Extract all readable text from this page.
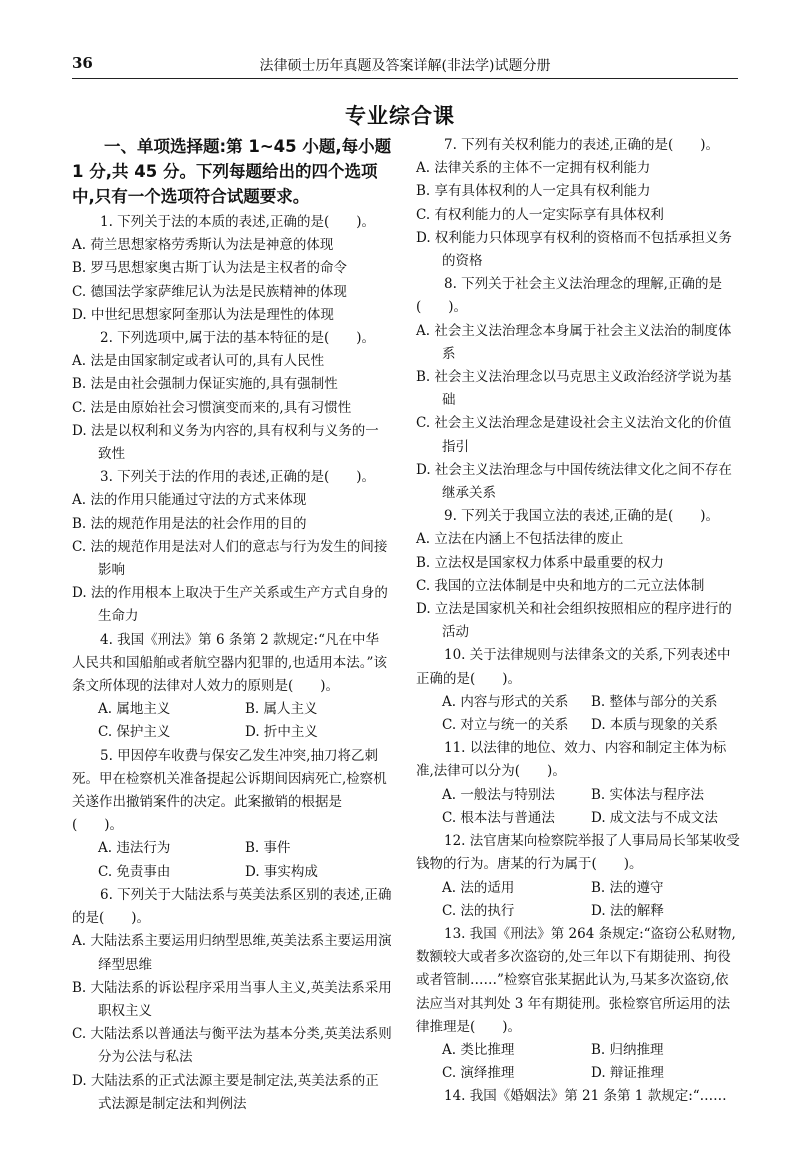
36	法律硕士历年真题及答案详解(非法学)试题分册
专业综合课
一、单项选择题:第 1~45 小题,每小题 1 分,共 45 分。下列每题给出的四个选项中,只有一个选项符合试题要求。

1. 下列关于法的本质的表述,正确的是(　　)。

A. 荷兰思想家格劳秀斯认为法是神意的体现

B. 罗马思想家奥古斯丁认为法是主权者的命令

C. 德国法学家萨维尼认为法是民族精神的体现

D. 中世纪思想家阿奎那认为法是理性的体现

2. 下列选项中,属于法的基本特征的是(　　)。

A. 法是由国家制定或者认可的,具有人民性

B. 法是由社会强制力保证实施的,具有强制性

C. 法是由原始社会习惯演变而来的,具有习惯性

D. 法是以权利和义务为内容的,具有权利与义务的一致性

3. 下列关于法的作用的表述,正确的是(　　)。

A. 法的作用只能通过守法的方式来体现

B. 法的规范作用是法的社会作用的目的

C. 法的规范作用是法对人们的意志与行为发生的间接影响

D. 法的作用根本上取决于生产关系或生产方式自身的生命力

4. 我国《刑法》第 6 条第 2 款规定:“凡在中华人民共和国船舶或者航空器内犯罪的,也适用本法。”该条文所体现的法律对人效力的原则是(　　)。

A. 属地主义	B. 属人主义

C. 保护主义	D. 折中主义

5. 甲因停车收费与保安乙发生冲突,抽刀将乙刺死。甲在检察机关准备提起公诉期间因病死亡,检察机关遂作出撤销案件的决定。此案撤销的根据是(　　)。

A. 违法行为	B. 事件

C. 免责事由	D. 事实构成

6. 下列关于大陆法系与英美法系区别的表述,正确的是(　　)。

A. 大陆法系主要运用归纳型思维,英美法系主要运用演绎型思维

B. 大陆法系的诉讼程序采用当事人主义,英美法系采用职权主义

C. 大陆法系以普通法与衡平法为基本分类,英美法系则分为公法与私法

D. 大陆法系的正式法源主要是制定法,英美法系的正式法源是制定法和判例法

7. 下列有关权利能力的表述,正确的是(　　)。

A. 法律关系的主体不一定拥有权利能力

B. 享有具体权利的人一定具有权利能力

C. 有权利能力的人一定实际享有具体权利

D. 权利能力只体现享有权利的资格而不包括承担义务的资格

8. 下列关于社会主义法治理念的理解,正确的是(　　)。

A. 社会主义法治理念本身属于社会主义法治的制度体系

B. 社会主义法治理念以马克思主义政治经济学说为基础

C. 社会主义法治理念是建设社会主义法治文化的价值指引

D. 社会主义法治理念与中国传统法律文化之间不存在继承关系

9. 下列关于我国立法的表述,正确的是(　　)。

A. 立法在内涵上不包括法律的废止

B. 立法权是国家权力体系中最重要的权力

C. 我国的立法体制是中央和地方的二元立法体制

D. 立法是国家机关和社会组织按照相应的程序进行的活动

10. 关于法律规则与法律条文的关系,下列表述中正确的是(　　)。

A. 内容与形式的关系	B. 整体与部分的关系

C. 对立与统一的关系	D. 本质与现象的关系

11. 以法律的地位、效力、内容和制定主体为标准,法律可以分为(　　)。

A. 一般法与特别法	B. 实体法与程序法

C. 根本法与普通法	D. 成文法与不成文法

12. 法官唐某向检察院举报了人事局局长邹某收受钱物的行为。唐某的行为属于(　　)。

A. 法的适用	B. 法的遵守

C. 法的执行	D. 法的解释

13. 我国《刑法》第 264 条规定:“盗窃公私财物,数额较大或者多次盗窃的,处三年以下有期徒刑、拘役或者管制……”检察官张某据此认为,马某多次盗窃,依法应当对其判处 3 年有期徒刑。张检察官所运用的法律推理是(　　)。

A. 类比推理	B. 归纳推理

C. 演绎推理	D. 辩证推理

14. 我国《婚姻法》第 21 条第 1 款规定:“……
